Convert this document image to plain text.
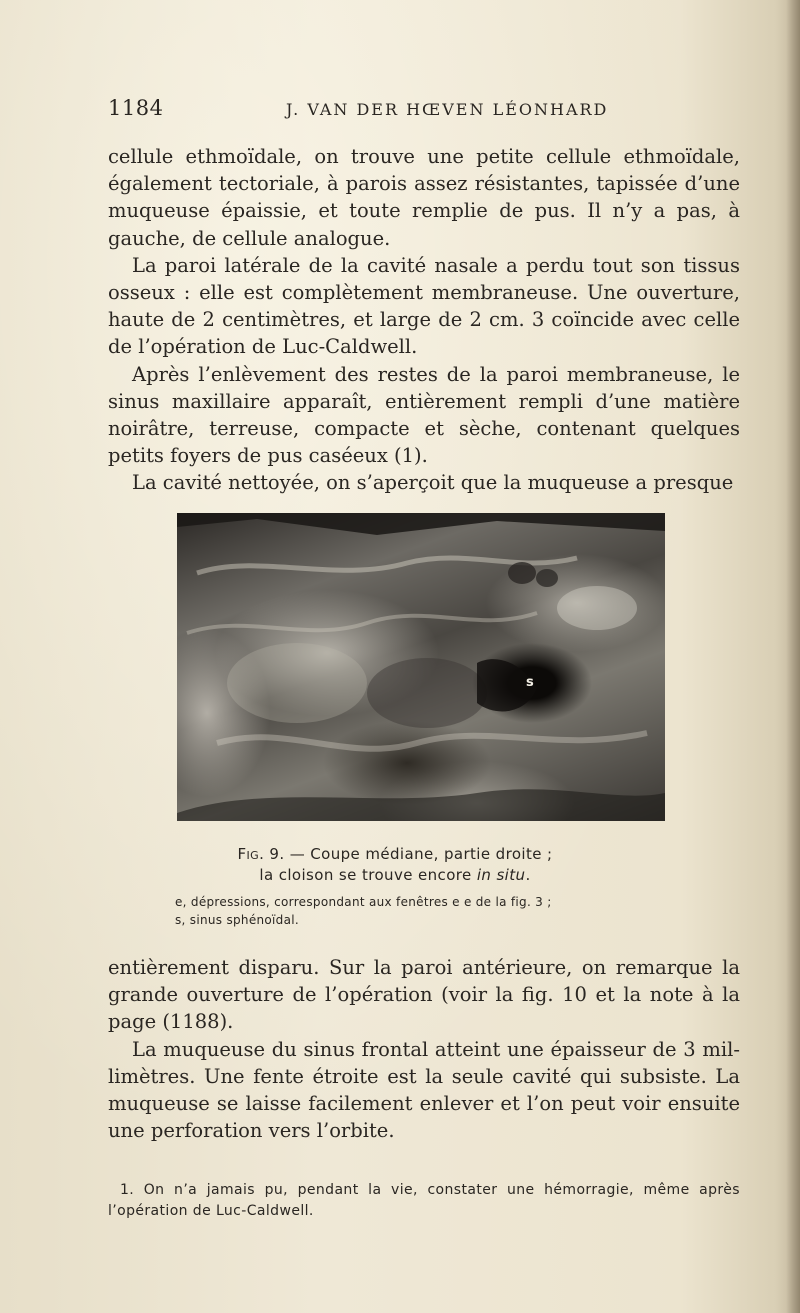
1184	J. VAN DER HŒVEN LÉONHARD

cellule ethmoïdale, on trouve une petite cellule ethmoïdale, également tectoriale, à parois assez résistantes, tapissée d’une muqueuse épaissie, et toute remplie de pus. Il n’y a pas, à gauche, de cellule analogue.

La paroi latérale de la cavité nasale a perdu tout son tissus osseux : elle est complètement membraneuse. Une ouverture, haute de 2 centimètres, et large de 2 cm. 3 coïncide avec celle de l’opération de Luc-Caldwell.

Après l’enlèvement des restes de la paroi membraneuse, le sinus maxillaire apparaît, entièrement rempli d’une matière noirâtre, terreuse, compacte et sèche, contenant quelques petits foyers de pus caséeux (1).

La cavité nettoyée, on s’aperçoit que la muqueuse a presque

s
Fig. 9. — Coupe médiane, partie droite ;
la cloison se trouve encore in situ.
e, dépressions, correspondant aux fenêtres e e de la fig. 3 ;
s, sinus sphénoïdal.

entièrement disparu. Sur la paroi antérieure, on remarque la grande ouverture de l’opération (voir la fig. 10 et la note à la page (1188).

La muqueuse du sinus frontal atteint une épaisseur de 3 millimètres. Une fente étroite est la seule cavité qui subsiste. La muqueuse se laisse facilement enlever et l’on peut voir ensuite une perforation vers l’orbite.

1. On n’a jamais pu, pendant la vie, constater une hémorragie, même après l’opération de Luc-Caldwell.
